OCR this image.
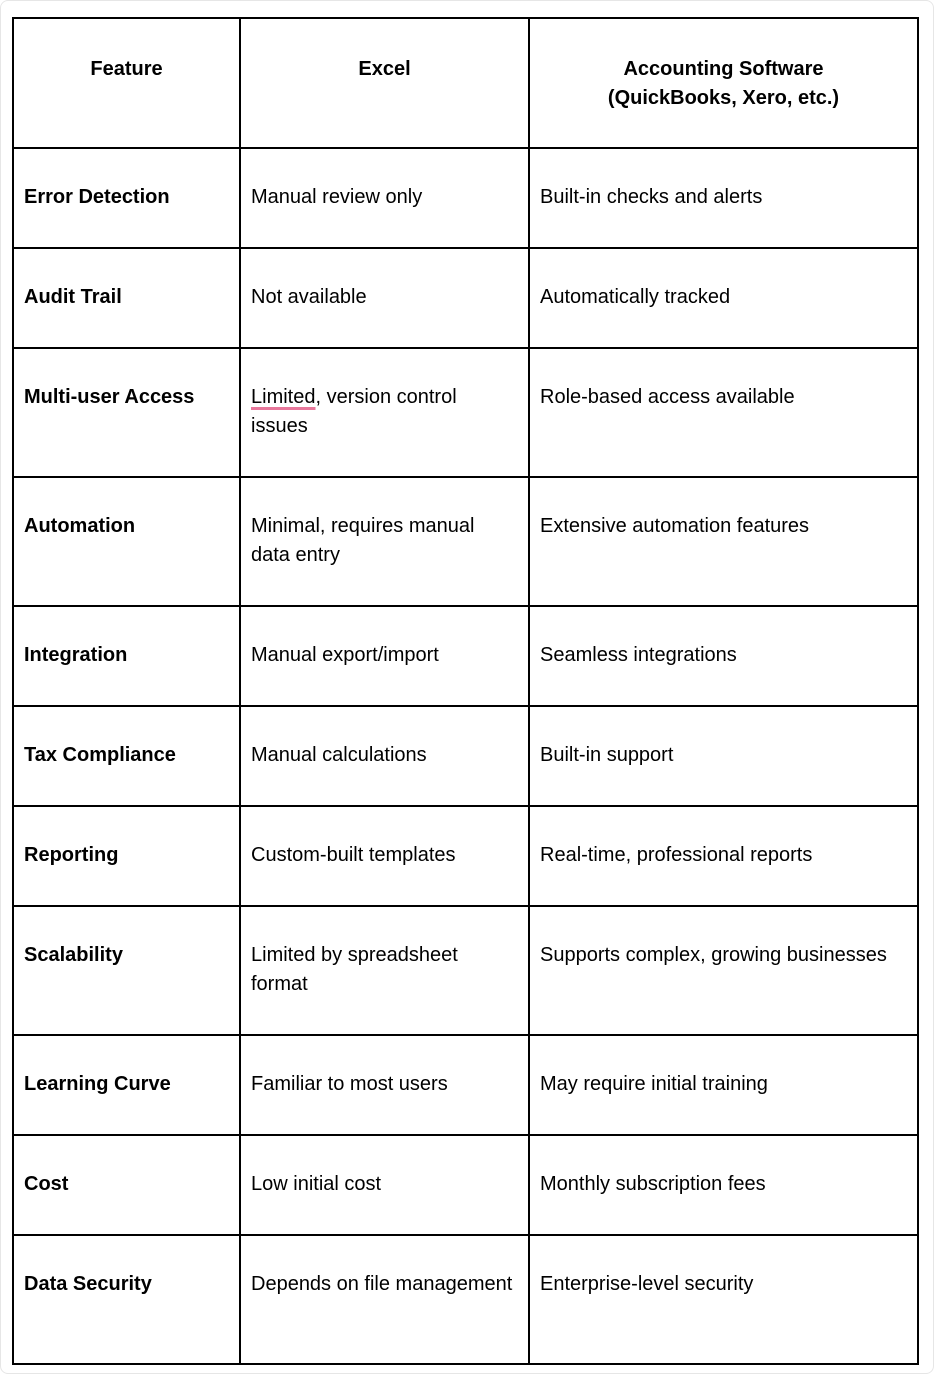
Feature	Excel	Accounting Software
(QuickBooks, Xero, etc.)
Error Detection	Manual review only	Built-in checks and alerts
Audit Trail	Not available	Automatically tracked
Multi-user Access	Limited, version control issues	Role-based access available
Automation	Minimal, requires manual data entry	Extensive automation features
Integration	Manual export/import	Seamless integrations
Tax Compliance	Manual calculations	Built-in support
Reporting	Custom-built templates	Real-time, professional reports
Scalability	Limited by spreadsheet format	Supports complex, growing businesses
Learning Curve	Familiar to most users	May require initial training
Cost	Low initial cost	Monthly subscription fees
Data Security	Depends on file management	Enterprise-level security
